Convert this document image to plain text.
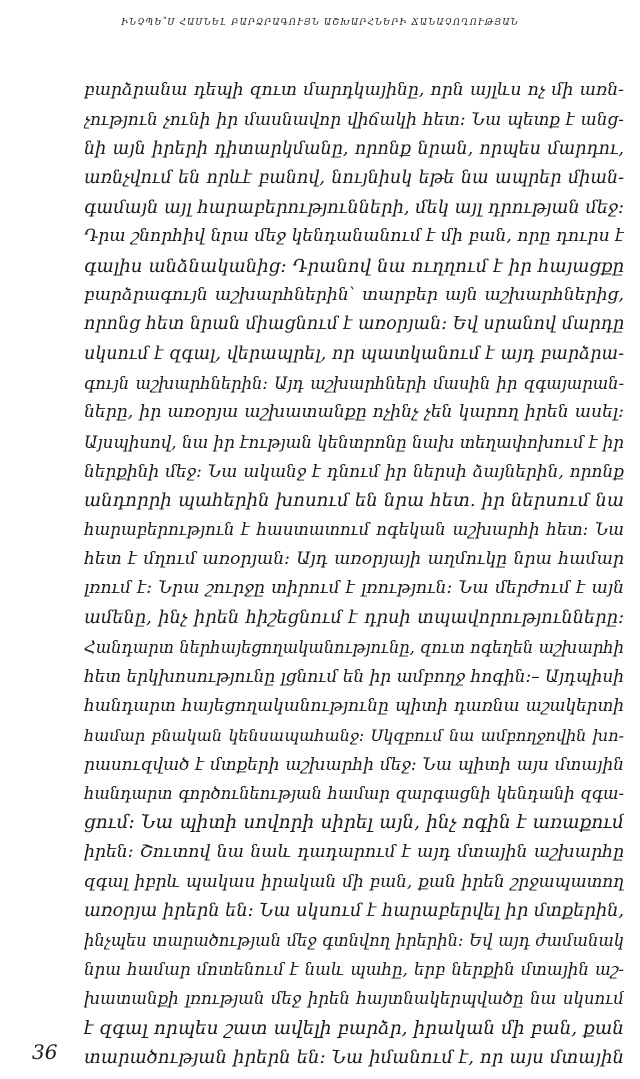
ԻՆՉՊԵ՞Ս ՀԱՍՆԵԼ ԲԱՐՁՐԱԳՈՒՅՆ ԱՇԽԱՐՀՆԵՐԻ ՃԱՆԱՉՈՂՈՒԹՅԱՆ
բարձրանա դեպի զուտ մարդկայինը, որն այլևս ոչ մի առն-
չություն չունի իր մասնավոր վիճակի հետ։ Նա պետք է անց-
նի այն իրերի դիտարկմանը, որոնք նրան, որպես մարդու,
առնչվում են որևէ բանով, նույնիսկ եթե նա ապրեր միան-
գամայն այլ հարաբերությունների, մեկ այլ դրության մեջ։
Դրա շնորհիվ նրա մեջ կենդանանում է մի բան, որը դուրս է
գալիս անձնականից։ Դրանով նա ուղղում է իր հայացքը
բարձրագույն աշխարհներին՝ տարբեր այն աշխարհներից,
որոնց հետ նրան միացնում է առօրյան։ Եվ սրանով մարդը
սկսում է զգալ, վերապրել, որ պատկանում է այդ բարձրա-
գույն աշխարհներին։ Այդ աշխարհների մասին իր զգայարան-
ները, իր առօրյա աշխատանքը ոչինչ չեն կարող իրեն ասել։
Այսպիսով, նա իր էության կենտրոնը նախ տեղափոխում է իր
ներքինի մեջ։ Նա ականջ է դնում իր ներսի ձայներին, որոնք
անդորրի պահերին խոսում են նրա հետ. իր ներսում նա
հարաբերություն է հաստատում ոգեկան աշխարհի հետ։ Նա
հետ է մղում առօրյան։ Այդ առօրյայի աղմուկը նրա համար
լռում է։ Նրա շուրջը տիրում է լռություն։ Նա մերժում է այն
ամենը, ինչ իրեն հիշեցնում է դրսի տպավորությունները։
Հանդարտ ներհայեցողականությունը, զուտ ոգեղեն աշխարհի
հետ երկխոսությունը լցնում են իր ամբողջ հոգին։– Այդպիսի
հանդարտ հայեցողականությունը պիտի դառնա աշակերտի
համար բնական կենսապահանջ։ Սկզբում նա ամբողջովին խո-
րասուզված է մտքերի աշխարհի մեջ։ Նա պիտի այս մտային
հանդարտ գործունեության համար զարգացնի կենդանի զգա-
ցում։ Նա պիտի սովորի սիրել այն, ինչ ոգին է առաքում
իրեն։ Շուտով նա նաև դադարում է այդ մտային աշխարհը
զգալ իբրև պակաս իրական մի բան, քան իրեն շրջապատող
առօրյա իրերն են։ Նա սկսում է հարաբերվել իր մտքերին,
ինչպես տարածության մեջ գտնվող իրերին։ Եվ այդ ժամանակ
նրա համար մոտենում է նաև պահը, երբ ներքին մտային աշ-
խատանքի լռության մեջ իրեն հայտնակերպվածը նա սկսում
է զգալ որպես շատ ավելի բարձր, իրական մի բան, քան
տարածության իրերն են։ Նա իմանում է, որ այս մտային
36
